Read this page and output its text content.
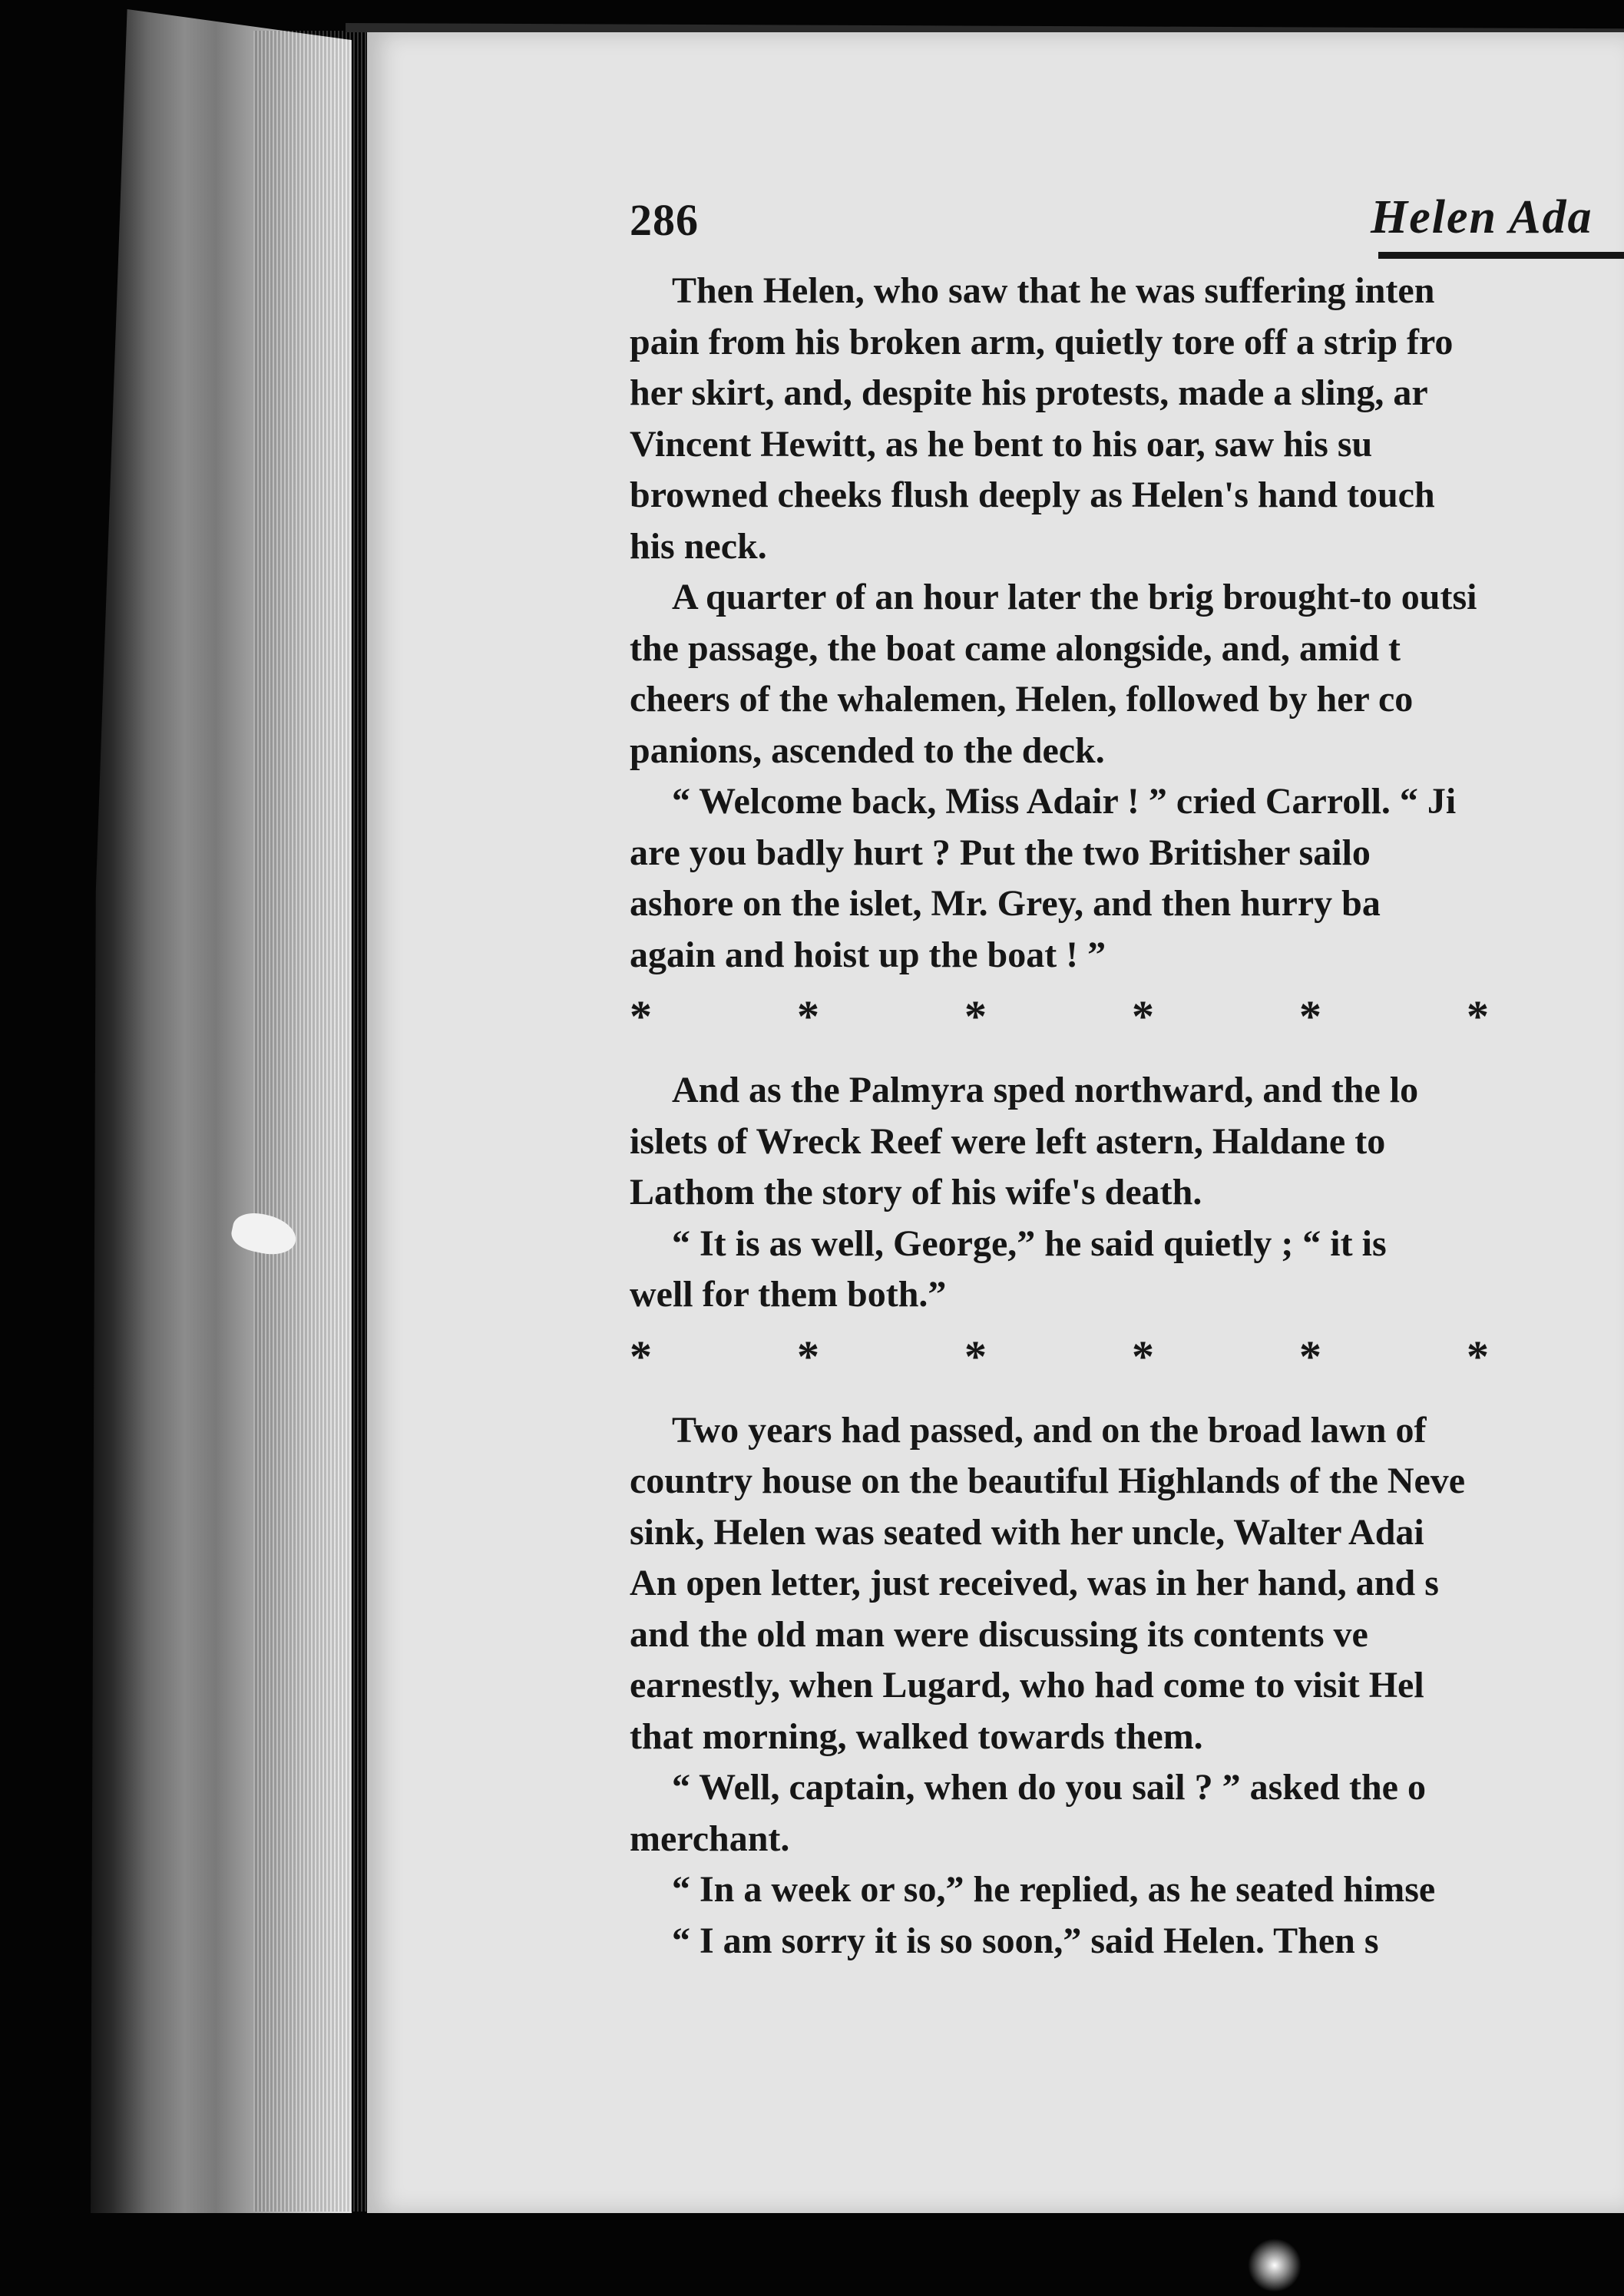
286	Helen Ada
Then Helen, who saw that he was suffering inten
pain from his broken arm, quietly tore off a strip fro
her skirt, and, despite his protests, made a sling, ar
Vincent Hewitt, as he bent to his oar, saw his su
browned cheeks flush deeply as Helen's hand touch
his neck.
A quarter of an hour later the brig brought-to outsi
the passage, the boat came alongside, and, amid t
cheers of the whalemen, Helen, followed by her co
panions, ascended to the deck.
“ Welcome back, Miss Adair ! ” cried Carroll. “ Ji
are you badly hurt ? Put the two Britisher sailo
ashore on the islet, Mr. Grey, and then hurry ba
again and hoist up the boat ! ”
*	*	*	*	*	*
And as the Palmyra sped northward, and the lo
islets of Wreck Reef were left astern, Haldane to
Lathom the story of his wife's death.
“ It is as well, George,” he said quietly ; “ it is
well for them both.”
*	*	*	*	*	*
Two years had passed, and on the broad lawn of
country house on the beautiful Highlands of the Neve
sink, Helen was seated with her uncle, Walter Adai
An open letter, just received, was in her hand, and s
and the old man were discussing its contents ve
earnestly, when Lugard, who had come to visit Hel
that morning, walked towards them.
“ Well, captain, when do you sail ? ” asked the o
merchant.
“ In a week or so,” he replied, as he seated himse
“ I am sorry it is so soon,” said Helen. Then s
